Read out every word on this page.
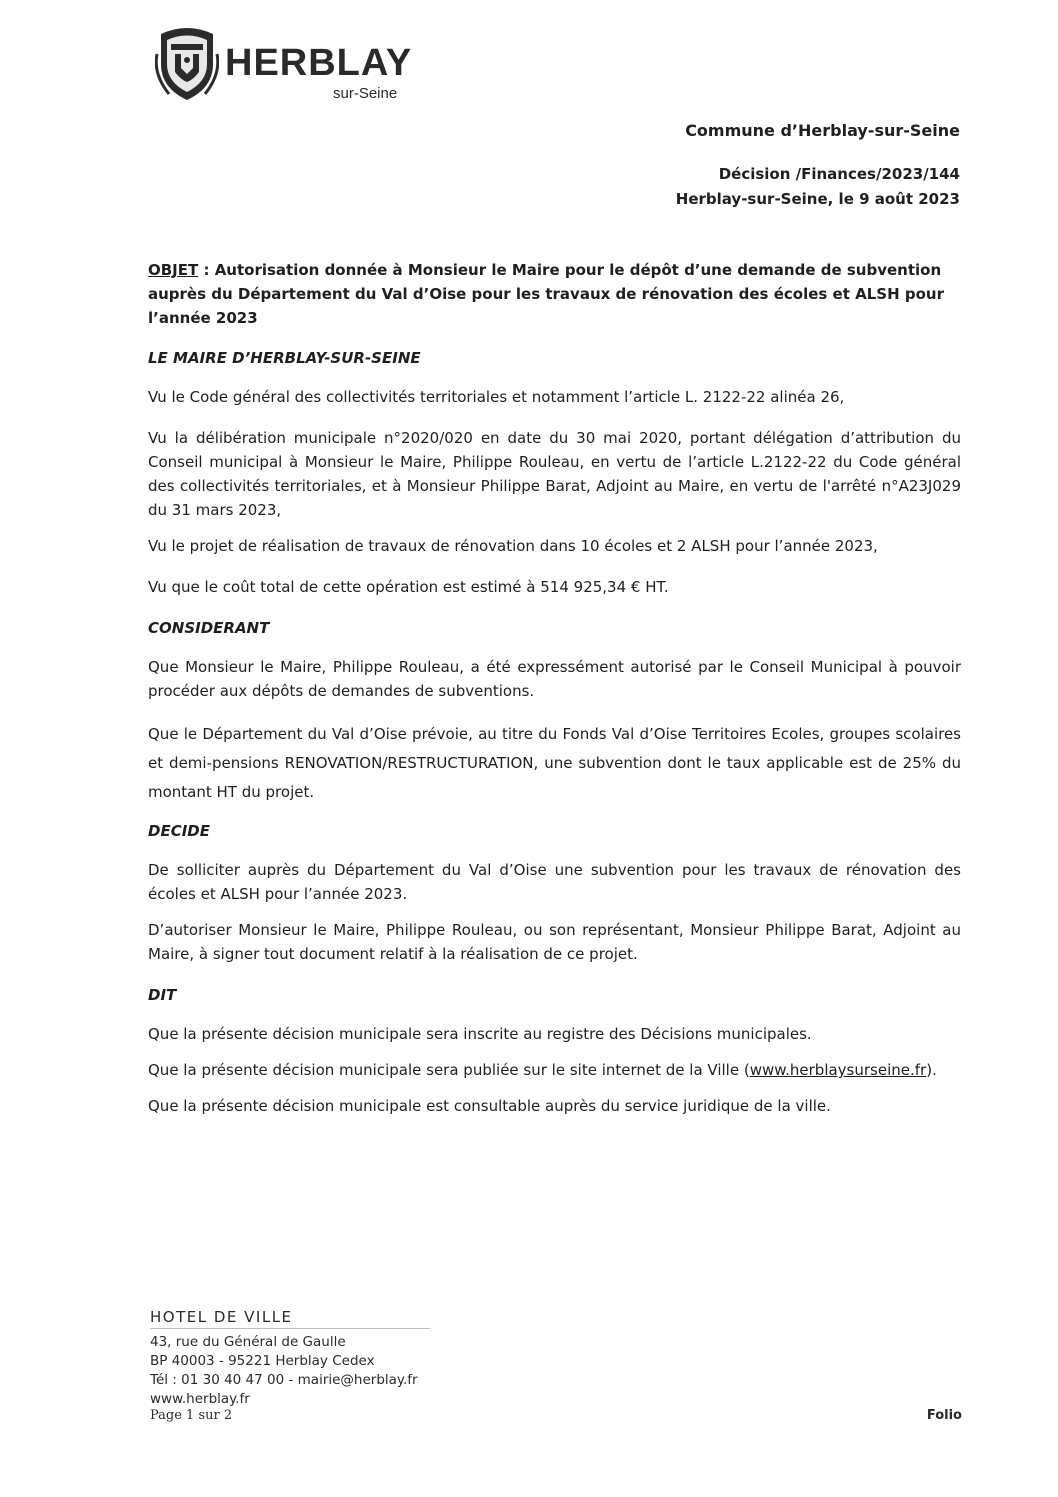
HERBLAY
sur-Seine
Commune d’Herblay-sur-Seine
Décision /Finances/2023/144
Herblay-sur-Seine, le 9 août 2023

OBJET : Autorisation donnée à Monsieur le Maire pour le dépôt d’une demande de subvention auprès du Département du Val d’Oise pour les travaux de rénovation des écoles et ALSH pour l’année 2023

LE MAIRE D’HERBLAY-SUR-SEINE

Vu le Code général des collectivités territoriales et notamment l’article L. 2122-22 alinéa 26,

Vu la délibération municipale n°2020/020 en date du 30 mai 2020, portant délégation d’attribution du Conseil municipal à Monsieur le Maire, Philippe Rouleau, en vertu de l’article L.2122-22 du Code général des collectivités territoriales, et à Monsieur Philippe Barat, Adjoint au Maire, en vertu de l'arrêté n°A23J029 du 31 mars 2023,

Vu le projet de réalisation de travaux de rénovation dans 10 écoles et 2 ALSH pour l’année 2023,

Vu que le coût total de cette opération est estimé à 514 925,34 € HT.

CONSIDERANT

Que Monsieur le Maire, Philippe Rouleau, a été expressément autorisé par le Conseil Municipal à pouvoir procéder aux dépôts de demandes de subventions.

Que le Département du Val d’Oise prévoie, au titre du Fonds Val d’Oise Territoires Ecoles, groupes scolaires et demi-pensions RENOVATION/RESTRUCTURATION, une subvention dont le taux applicable est de 25% du montant HT du projet.

DECIDE

De solliciter auprès du Département du Val d’Oise une subvention pour les travaux de rénovation des écoles et ALSH pour l’année 2023.

D’autoriser Monsieur le Maire, Philippe Rouleau, ou son représentant, Monsieur Philippe Barat, Adjoint au Maire, à signer tout document relatif à la réalisation de ce projet.

DIT

Que la présente décision municipale sera inscrite au registre des Décisions municipales.

Que la présente décision municipale sera publiée sur le site internet de la Ville (www.herblaysurseine.fr).

Que la présente décision municipale est consultable auprès du service juridique de la ville.

HOTEL DE VILLE
43, rue du Général de Gaulle
BP 40003 - 95221 Herblay Cedex
Tél : 01 30 40 47 00 - mairie@herblay.fr
www.herblay.fr
Page 1 sur 2	Folio
